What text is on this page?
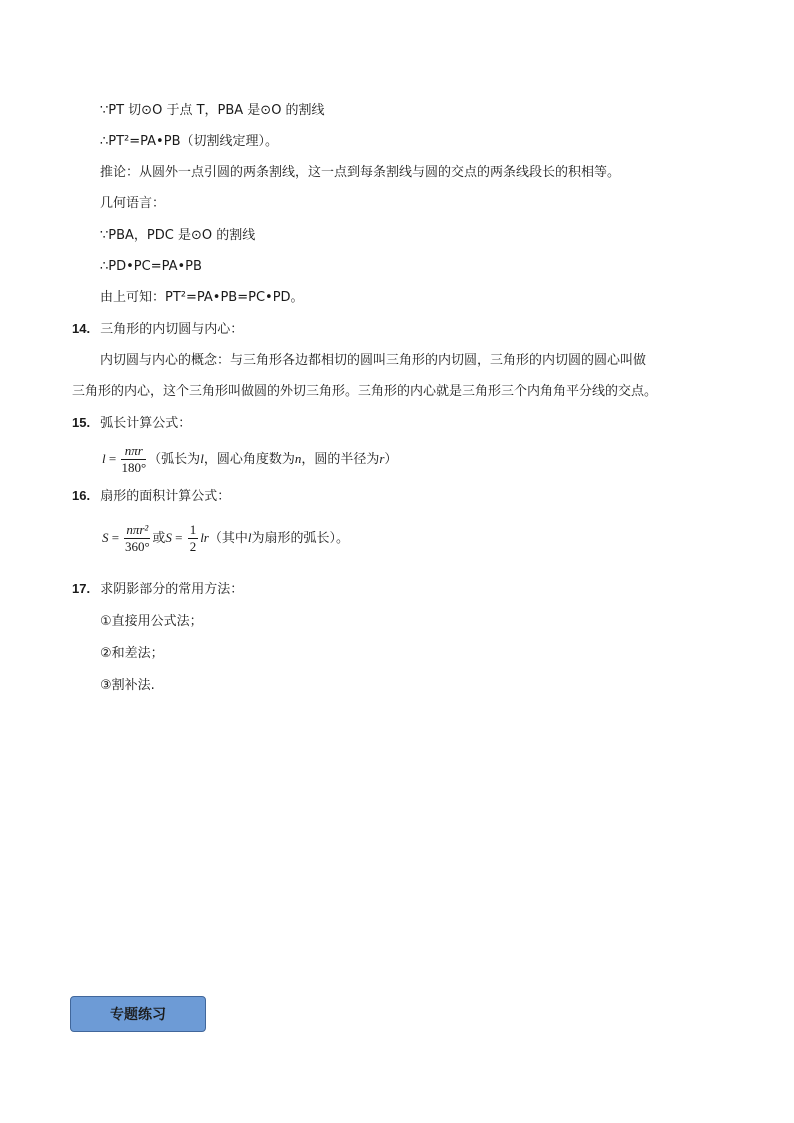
∵PT 切⊙O 于点 T，PBA 是⊙O 的割线
∴PT²=PA•PB（切割线定理）。
推论：从圆外一点引圆的两条割线，这一点到每条割线与圆的交点的两条线段长的积相等。
几何语言：
∵PBA，PDC 是⊙O 的割线
∴PD•PC=PA•PB
由上可知：PT²=PA•PB=PC•PD。
14. 三角形的内切圆与内心：
内切圆与内心的概念：与三角形各边都相切的圆叫三角形的内切圆，三角形的内切圆的圆心叫做
三角形的内心，这个三角形叫做圆的外切三角形。三角形的内心就是三角形三个内角角平分线的交点。
15. 弧长计算公式：
$l = \frac{\text{nπr}}{180^\circ}$ （弧长为l，圆心角度数为n，圆的半径为r）
16. 扇形的面积计算公式：
$S = \frac{\text{nπr²}}{360^\circ}$ 或$S = \frac{1}{2} lr$（其中l为扇形的弧长）。
17. 求阴影部分的常用方法：
①直接用公式法；
②和差法；
③割补法.
专题练习
